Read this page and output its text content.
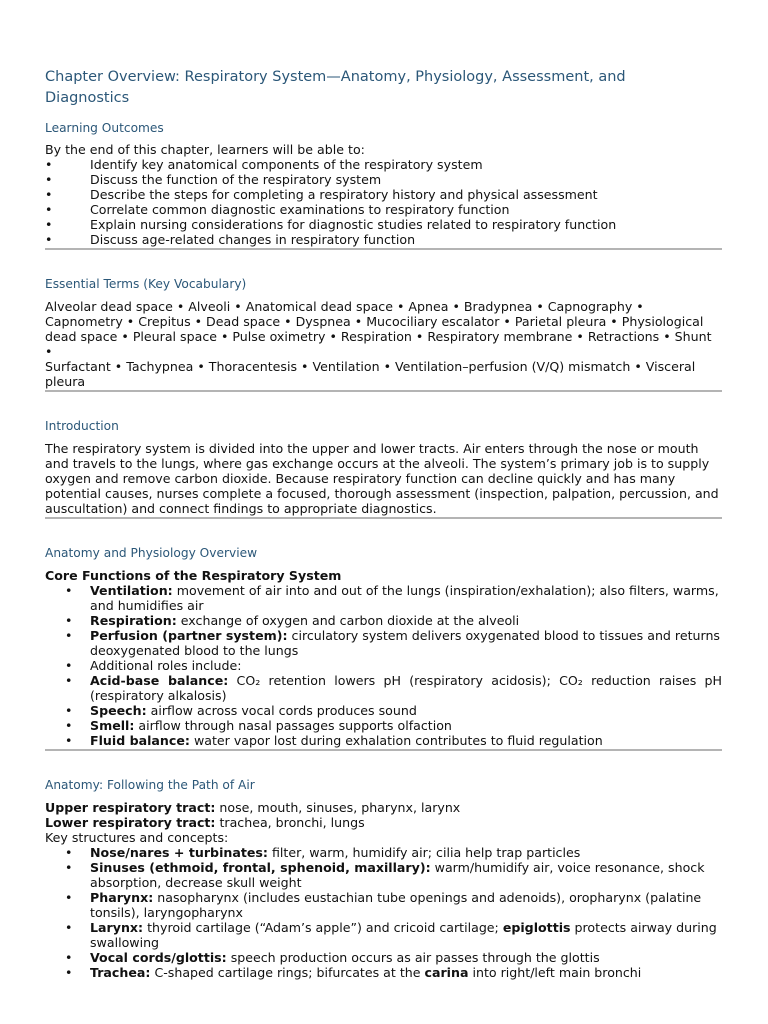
Chapter Overview: Respiratory System—Anatomy, Physiology, Assessment, and
Diagnostics
Learning Outcomes

By the end of this chapter, learners will be able to:

• Identify key anatomical components of the respiratory system
• Discuss the function of the respiratory system
• Describe the steps for completing a respiratory history and physical assessment
• Correlate common diagnostic examinations to respiratory function
• Explain nursing considerations for diagnostic studies related to respiratory function
• Discuss age-related changes in respiratory function
Essential Terms (Key Vocabulary)

Alveolar dead space • Alveoli • Anatomical dead space • Apnea • Bradypnea • Capnography •
Capnometry • Crepitus • Dead space • Dyspnea • Mucociliary escalator • Parietal pleura • Physiological
dead space • Pleural space • Pulse oximetry • Respiration • Respiratory membrane • Retractions • Shunt •
Surfactant • Tachypnea • Thoracentesis • Ventilation • Ventilation–perfusion (V/Q) mismatch • Visceral
pleura

Introduction

The respiratory system is divided into the upper and lower tracts. Air enters through the nose or mouth
and travels to the lungs, where gas exchange occurs at the alveoli. The system’s primary job is to supply
oxygen and remove carbon dioxide. Because respiratory function can decline quickly and has many
potential causes, nurses complete a focused, thorough assessment (inspection, palpation, percussion, and
auscultation) and connect findings to appropriate diagnostics.

Anatomy and Physiology Overview

Core Functions of the Respiratory System

• Ventilation: movement of air into and out of the lungs (inspiration/exhalation); also filters, warms,
and humidifies air
• Respiration: exchange of oxygen and carbon dioxide at the alveoli
• Perfusion (partner system): circulatory system delivers oxygenated blood to tissues and returns
deoxygenated blood to the lungs
• Additional roles include:
• Acid-base balance: CO₂ retention lowers pH (respiratory acidosis); CO₂ reduction raises pH
(respiratory alkalosis)
• Speech: airflow across vocal cords produces sound
• Smell: airflow through nasal passages supports olfaction
• Fluid balance: water vapor lost during exhalation contributes to fluid regulation
Anatomy: Following the Path of Air

Upper respiratory tract: nose, mouth, sinuses, pharynx, larynx
Lower respiratory tract: trachea, bronchi, lungs
Key structures and concepts:

• Nose/nares + turbinates: filter, warm, humidify air; cilia help trap particles
• Sinuses (ethmoid, frontal, sphenoid, maxillary): warm/humidify air, voice resonance, shock
absorption, decrease skull weight
• Pharynx: nasopharynx (includes eustachian tube openings and adenoids), oropharynx (palatine
tonsils), laryngopharynx
• Larynx: thyroid cartilage (“Adam’s apple”) and cricoid cartilage; epiglottis protects airway during
swallowing
• Vocal cords/glottis: speech production occurs as air passes through the glottis
• Trachea: C-shaped cartilage rings; bifurcates at the carina into right/left main bronchi
